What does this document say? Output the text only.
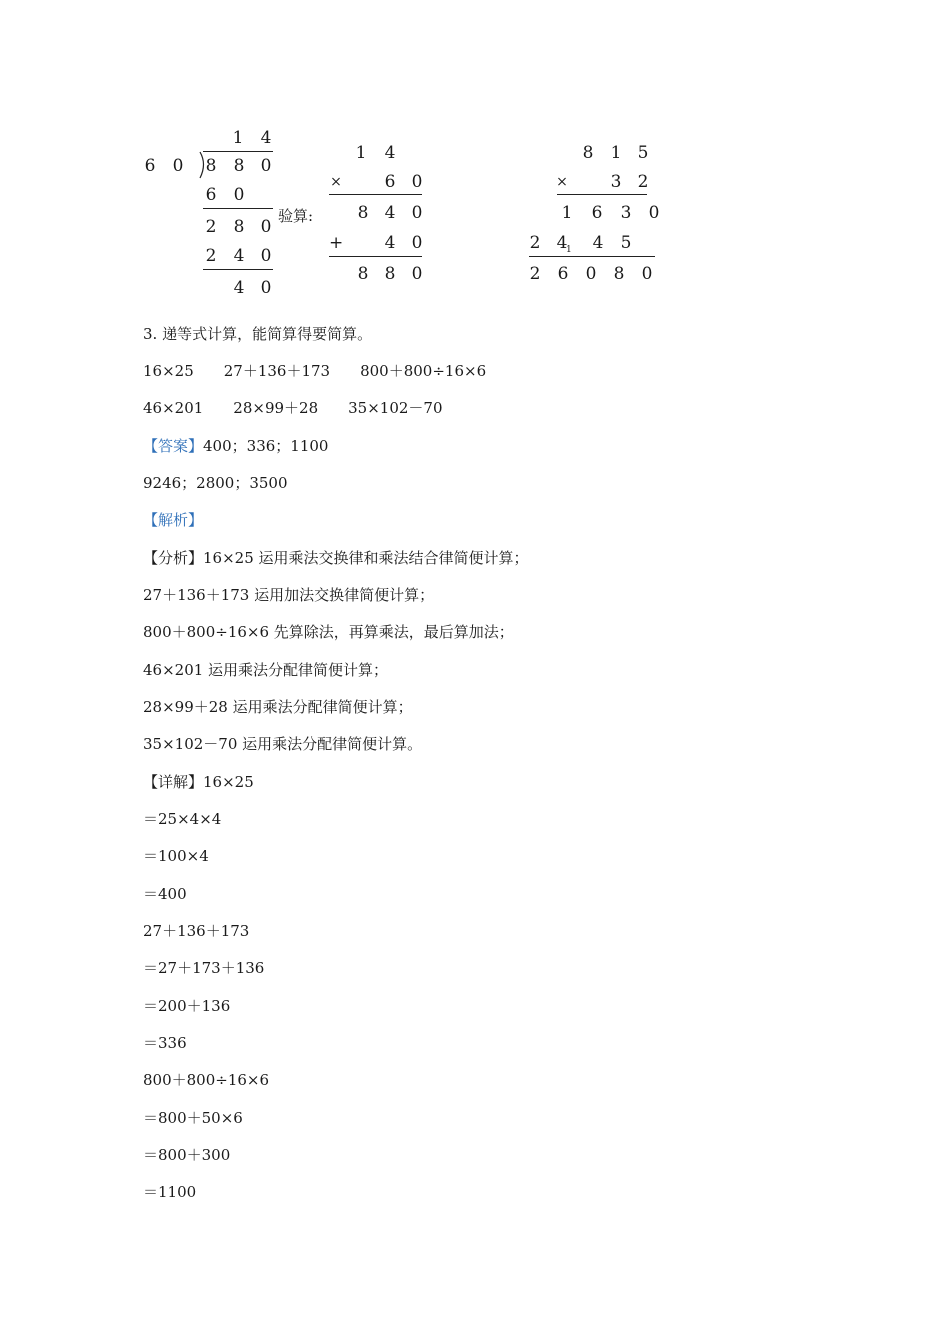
1 4
6 0 8 8 0
6 0
2 8 0
2 4 0
4 0
验算:
1 4
×	6 0
8 4 0
+ 4 0
8 8 0
8 1 5
×	3 2
1 6 3 0
2 4
1 4 5
2 6 0 8 0
3. 递等式计算，能简算得要简算。
16×25　　27＋136＋173　　800＋800÷16×6
46×201　　28×99＋28　　35×102－70
【答案】400；336；1100
9246；2800；3500
【解析】
【分析】16×25 运用乘法交换律和乘法结合律简便计算；
27＋136＋173 运用加法交换律简便计算；
800＋800÷16×6 先算除法，再算乘法，最后算加法；
46×201 运用乘法分配律简便计算；
28×99＋28 运用乘法分配律简便计算；
35×102－70 运用乘法分配律简便计算。
【详解】16×25
＝25×4×4
＝100×4
＝400
27＋136＋173
＝27＋173＋136
＝200＋136
＝336
800＋800÷16×6
＝800＋50×6
＝800＋300
＝1100
